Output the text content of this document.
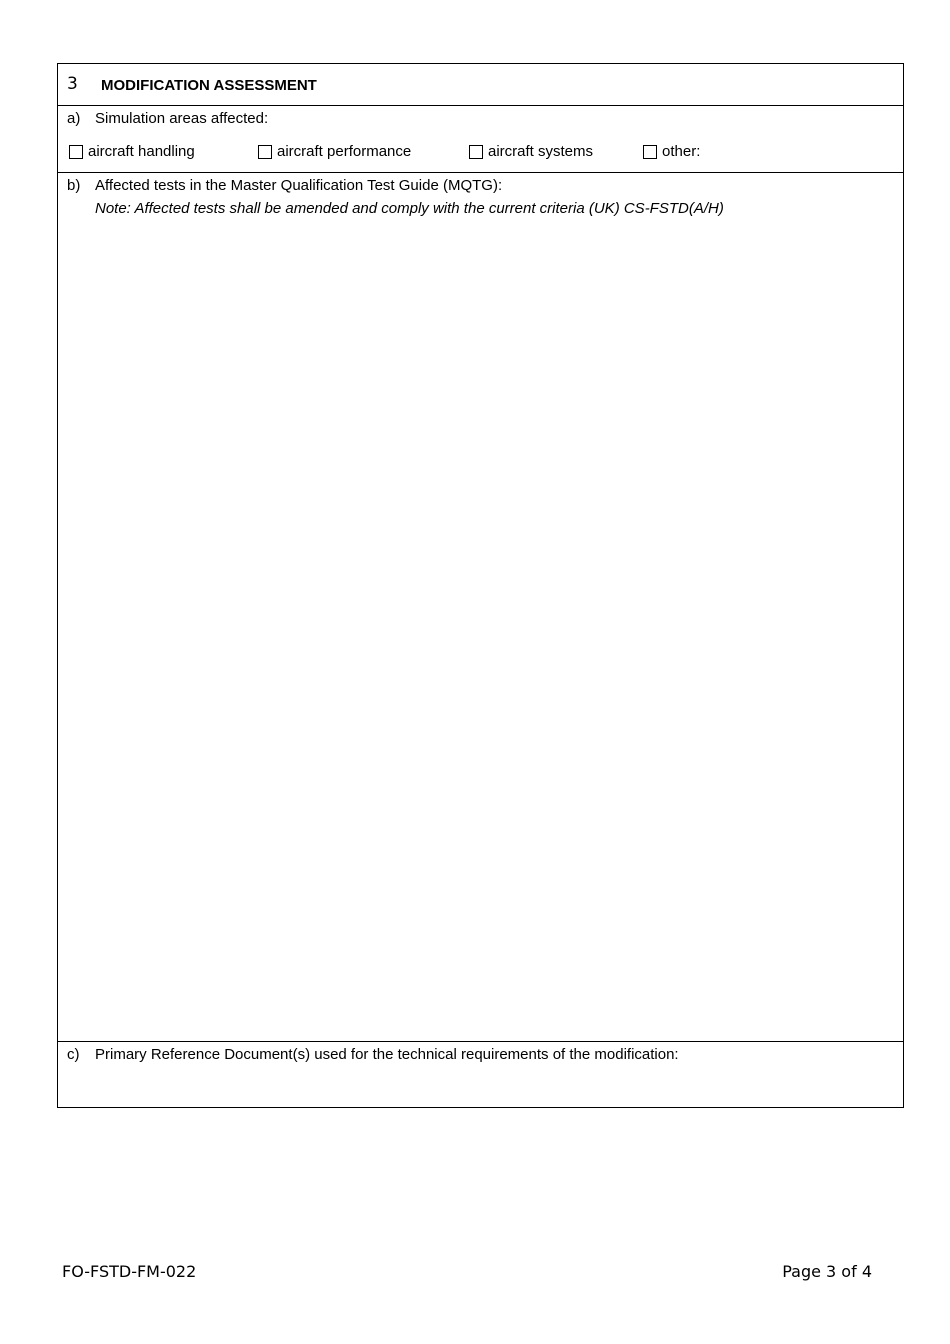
3 MODIFICATION ASSESSMENT
a) Simulation areas affected:
aircraft handling	aircraft performance	aircraft systems	other:
b) Affected tests in the Master Qualification Test Guide (MQTG):
Note: Affected tests shall be amended and comply with the current criteria (UK) CS-FSTD(A/H)
c) Primary Reference Document(s) used for the technical requirements of the modification:
FO-FSTD-FM-022	Page 3 of 4
